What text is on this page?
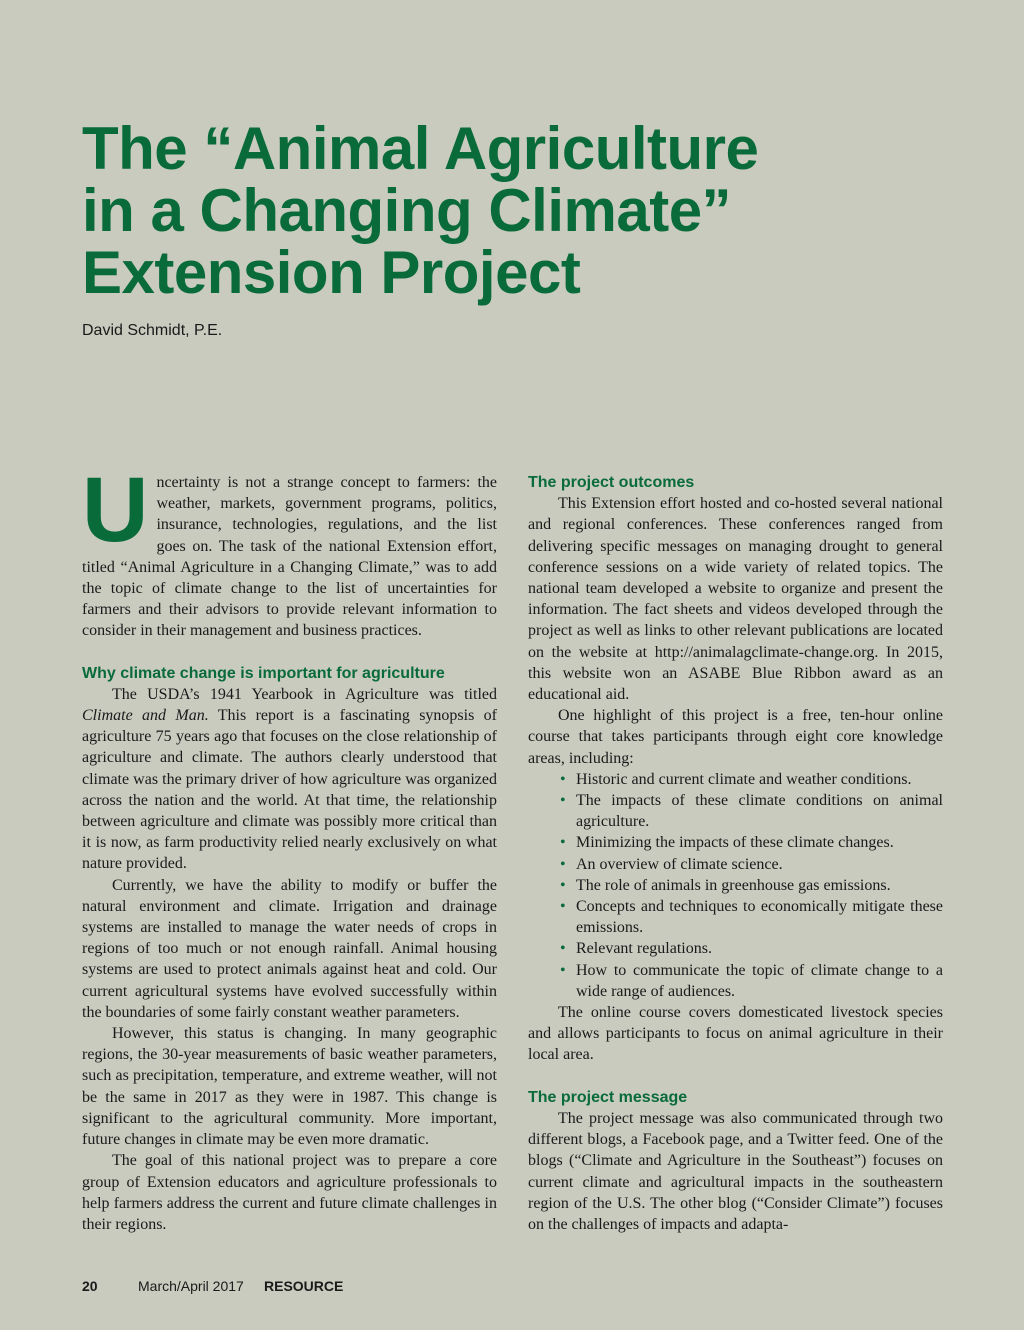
The “Animal Agriculture
in a Changing Climate”
Extension Project
David Schmidt, P.E.

Uncertainty is not a strange concept to farmers: the weather, markets, government programs, politics, insurance, technologies, regulations, and the list goes on. The task of the national Extension effort, titled “Animal Agriculture in a Changing Climate,” was to add the topic of climate change to the list of uncertainties for farmers and their advisors to provide relevant information to consider in their management and business practices.

Why climate change is important for agriculture

The USDA’s 1941 Yearbook in Agriculture was titled Climate and Man. This report is a fascinating synopsis of agriculture 75 years ago that focuses on the close relationship of agriculture and climate. The authors clearly understood that climate was the primary driver of how agriculture was organized across the nation and the world. At that time, the relationship between agriculture and climate was possibly more critical than it is now, as farm productivity relied nearly exclusively on what nature provided.

Currently, we have the ability to modify or buffer the natural environment and climate. Irrigation and drainage systems are installed to manage the water needs of crops in regions of too much or not enough rainfall. Animal housing systems are used to protect animals against heat and cold. Our current agricultural systems have evolved successfully within the boundaries of some fairly constant weather parameters.

However, this status is changing. In many geographic regions, the 30-year measurements of basic weather parameters, such as precipitation, temperature, and extreme weather, will not be the same in 2017 as they were in 1987. This change is significant to the agricultural community. More important, future changes in climate may be even more dramatic.

The goal of this national project was to prepare a core group of Extension educators and agriculture professionals to help farmers address the current and future climate challenges in their regions.

The project outcomes

This Extension effort hosted and co-hosted several national and regional conferences. These conferences ranged from delivering specific messages on managing drought to general conference sessions on a wide variety of related topics. The national team developed a website to organize and present the information. The fact sheets and videos developed through the project as well as links to other relevant publications are located on the website at http://animalagclimate-change.org. In 2015, this website won an ASABE Blue Ribbon award as an educational aid.

One highlight of this project is a free, ten-hour online course that takes participants through eight core knowledge areas, including:

• Historic and current climate and weather conditions.
• The impacts of these climate conditions on animal agriculture.
• Minimizing the impacts of these climate changes.
• An overview of climate science.
• The role of animals in greenhouse gas emissions.
• Concepts and techniques to economically mitigate these emissions.
• Relevant regulations.
• How to communicate the topic of climate change to a wide range of audiences.

The online course covers domesticated livestock species and allows participants to focus on animal agriculture in their local area.

The project message

The project message was also communicated through two different blogs, a Facebook page, and a Twitter feed. One of the blogs (“Climate and Agriculture in the Southeast”) focuses on current climate and agricultural impacts in the southeastern region of the U.S. The other blog (“Consider Climate”) focuses on the challenges of impacts and adapta-

20	March/April 2017 RESOURCE
